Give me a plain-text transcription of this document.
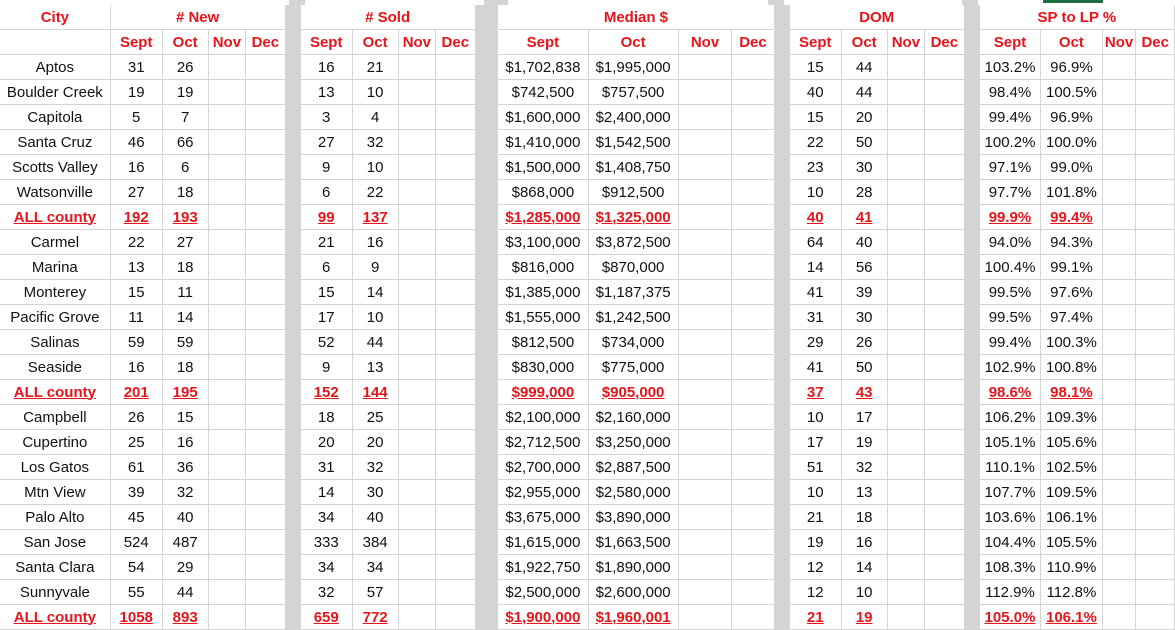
City	# New					# Sold					Median $					DOM					SP to LP %			
	Sept	Oct	Nov	Dec		Sept	Oct	Nov	Dec		Sept	Oct	Nov	Dec		Sept	Oct	Nov	Dec		Sept	Oct	Nov	Dec
Aptos	31	26				16	21				$1,702,838	$1,995,000				15	44				103.2%	96.9%		
Boulder Creek	19	19				13	10				$742,500	$757,500				40	44				98.4%	100.5%		
Capitola	5	7				3	4				$1,600,000	$2,400,000				15	20				99.4%	96.9%		
Santa Cruz	46	66				27	32				$1,410,000	$1,542,500				22	50				100.2%	100.0%		
Scotts Valley	16	6				9	10				$1,500,000	$1,408,750				23	30				97.1%	99.0%		
Watsonville	27	18				6	22				$868,000	$912,500				10	28				97.7%	101.8%		
ALL county	192	193				99	137				$1,285,000	$1,325,000				40	41				99.9%	99.4%		
Carmel	22	27				21	16				$3,100,000	$3,872,500				64	40				94.0%	94.3%		
Marina	13	18				6	9				$816,000	$870,000				14	56				100.4%	99.1%		
Monterey	15	11				15	14				$1,385,000	$1,187,375				41	39				99.5%	97.6%		
Pacific Grove	11	14				17	10				$1,555,000	$1,242,500				31	30				99.5%	97.4%		
Salinas	59	59				52	44				$812,500	$734,000				29	26				99.4%	100.3%		
Seaside	16	18				9	13				$830,000	$775,000				41	50				102.9%	100.8%		
ALL county	201	195				152	144				$999,000	$905,000				37	43				98.6%	98.1%		
Campbell	26	15				18	25				$2,100,000	$2,160,000				10	17				106.2%	109.3%		
Cupertino	25	16				20	20				$2,712,500	$3,250,000				17	19				105.1%	105.6%		
Los Gatos	61	36				31	32				$2,700,000	$2,887,500				51	32				110.1%	102.5%		
Mtn View	39	32				14	30				$2,955,000	$2,580,000				10	13				107.7%	109.5%		
Palo Alto	45	40				34	40				$3,675,000	$3,890,000				21	18				103.6%	106.1%		
San Jose	524	487				333	384				$1,615,000	$1,663,500				19	16				104.4%	105.5%		
Santa Clara	54	29				34	34				$1,922,750	$1,890,000				12	14				108.3%	110.9%		
Sunnyvale	55	44				32	57				$2,500,000	$2,600,000				12	10				112.9%	112.8%		
ALL county	1058	893				659	772				$1,900,000	$1,960,001				21	19				105.0%	106.1%		
